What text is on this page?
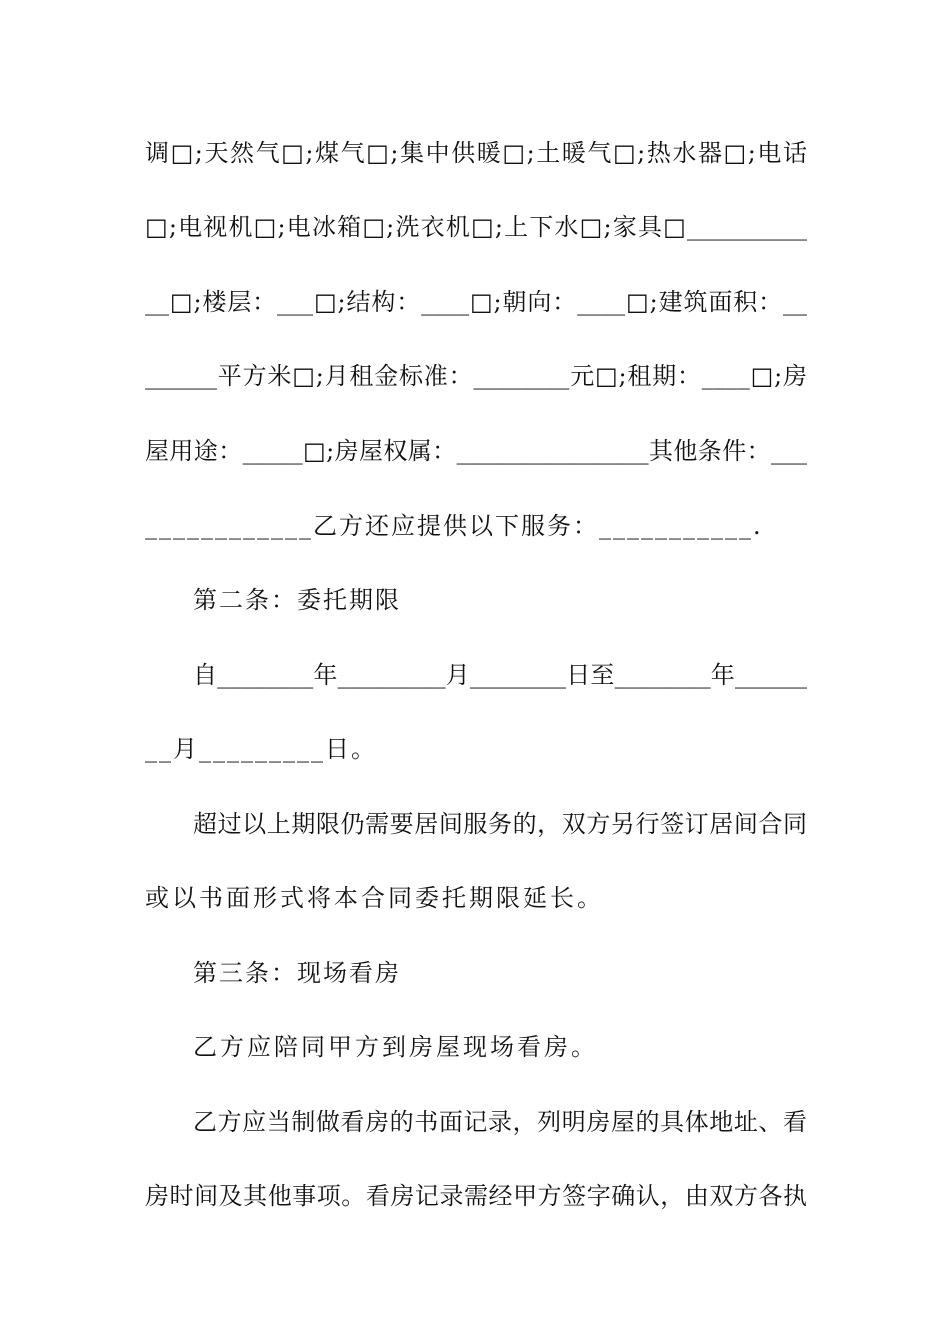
调□;天然气□;煤气□;集中供暖□;土暖气□;热水器□;电话
□;电视机□;电冰箱□;洗衣机□;上下水□;家具□__________
__□;楼层：___□;结构：____□;朝向：____□;建筑面积：__
______平方米□;月租金标准：________元□;租期：____□;房
屋用途：_____□;房屋权属：________________其他条件：___
____________乙方还应提供以下服务：___________.
第二条：委托期限
自________年_________月________日至________年______
__月_________日。
超过以上期限仍需要居间服务的，双方另行签订居间合同
或以书面形式将本合同委托期限延长。
第三条：现场看房
乙方应陪同甲方到房屋现场看房。
乙方应当制做看房的书面记录，列明房屋的具体地址、看
房时间及其他事项。看房记录需经甲方签字确认，由双方各执
